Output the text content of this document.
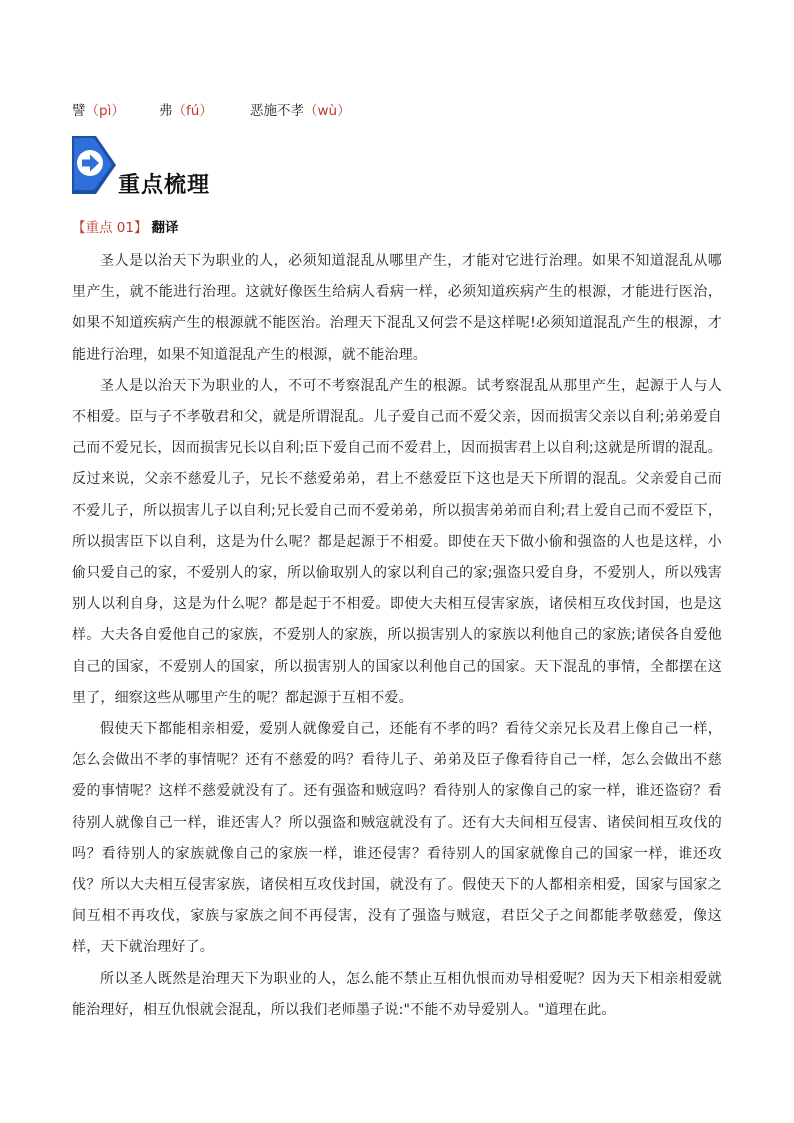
譬（pì）	弗（fú）	恶施不孝（wù）
重点梳理
【重点 01】 翻译

圣人是以治天下为职业的人，必须知道混乱从哪里产生，才能对它进行治理。如果不知道混乱从哪里产生，就不能进行治理。这就好像医生给病人看病一样，必须知道疾病产生的根源，才能进行医治，如果不知道疾病产生的根源就不能医治。治理天下混乱又何尝不是这样呢!必须知道混乱产生的根源，才能进行治理，如果不知道混乱产生的根源，就不能治理。

圣人是以治天下为职业的人，不可不考察混乱产生的根源。试考察混乱从那里产生，起源于人与人不相爱。臣与子不孝敬君和父，就是所谓混乱。儿子爱自己而不爱父亲，因而损害父亲以自利;弟弟爱自己而不爱兄长，因而损害兄长以自利;臣下爱自己而不爱君上，因而损害君上以自利;这就是所谓的混乱。反过来说，父亲不慈爱儿子，兄长不慈爱弟弟，君上不慈爱臣下这也是天下所谓的混乱。父亲爱自己而不爱儿子，所以损害儿子以自利;兄长爱自己而不爱弟弟，所以损害弟弟而自利;君上爱自己而不爱臣下，所以损害臣下以自利，这是为什么呢？都是起源于不相爱。即使在天下做小偷和强盗的人也是这样，小偷只爱自己的家，不爱别人的家，所以偷取别人的家以利自己的家;强盗只爱自身，不爱别人，所以残害别人以利自身，这是为什么呢？都是起于不相爱。即使大夫相互侵害家族，诸侯相互攻伐封国，也是这样。大夫各自爱他自己的家族，不爱别人的家族，所以损害别人的家族以利他自己的家族;诸侯各自爱他自己的国家，不爱别人的国家，所以损害别人的国家以利他自己的国家。天下混乱的事情，全都摆在这里了，细察这些从哪里产生的呢？都起源于互相不爱。

假使天下都能相亲相爱，爱别人就像爱自己，还能有不孝的吗？看待父亲兄长及君上像自己一样，怎么会做出不孝的事情呢？还有不慈爱的吗？看待儿子、弟弟及臣子像看待自己一样，怎么会做出不慈爱的事情呢？这样不慈爱就没有了。还有强盗和贼寇吗？看待别人的家像自己的家一样，谁还盗窃？看待别人就像自己一样，谁还害人？所以强盗和贼寇就没有了。还有大夫间相互侵害、诸侯间相互攻伐的吗？看待别人的家族就像自己的家族一样，谁还侵害？看待别人的国家就像自己的国家一样，谁还攻伐？所以大夫相互侵害家族，诸侯相互攻伐封国，就没有了。假使天下的人都相亲相爱，国家与国家之间互相不再攻伐，家族与家族之间不再侵害，没有了强盗与贼寇，君臣父子之间都能孝敬慈爱，像这样，天下就治理好了。

所以圣人既然是治理天下为职业的人，怎么能不禁止互相仇恨而劝导相爱呢？因为天下相亲相爱就能治理好，相互仇恨就会混乱，所以我们老师墨子说:"不能不劝导爱别人。"道理在此。
